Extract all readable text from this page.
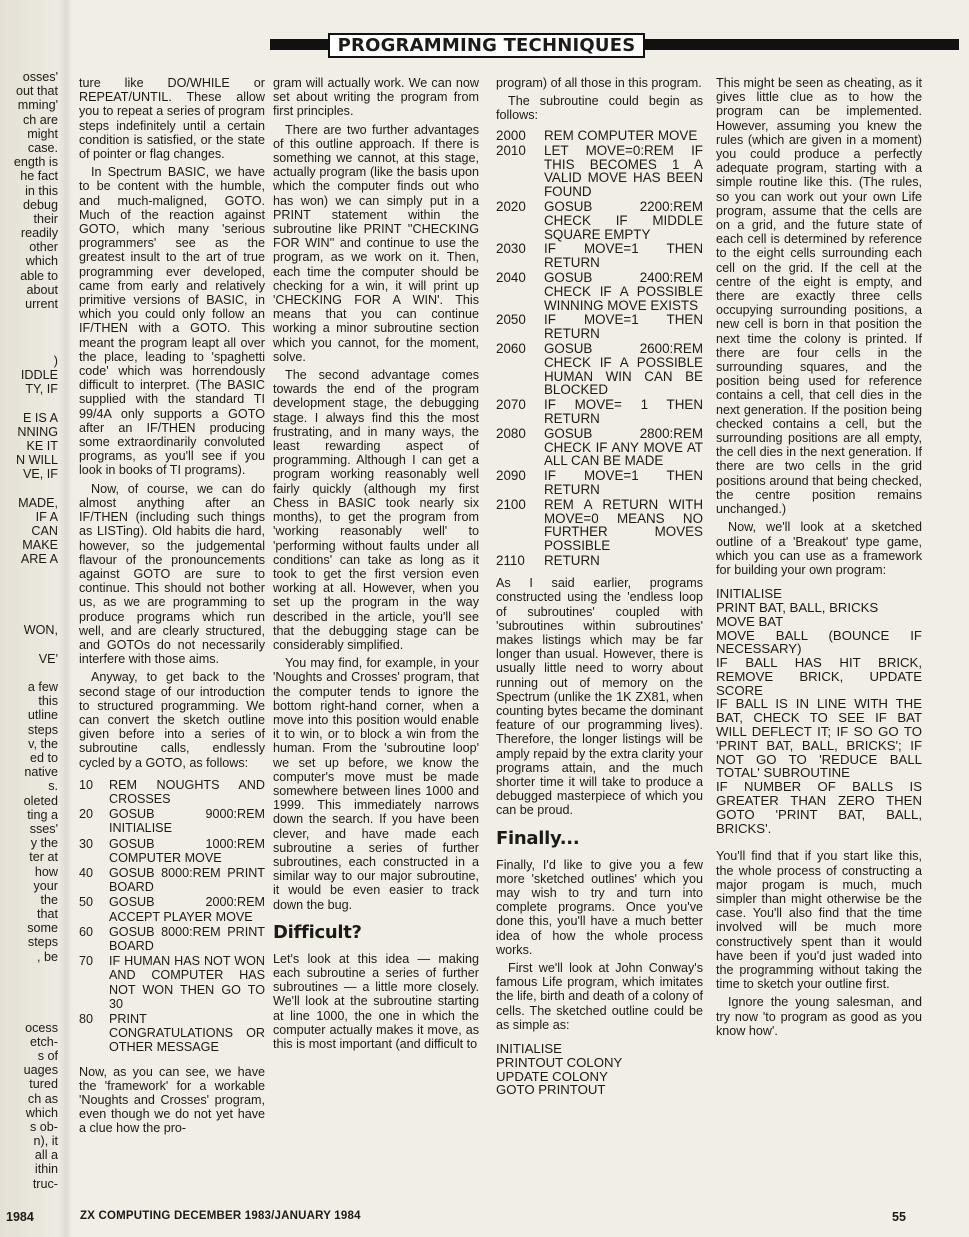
PROGRAMMING TECHNIQUES
osses'
out that
mming'
ch are
might
case.
ength is
he fact
in this
debug
their
readily
other
which
able to
about
urrent
)
IDDLE
TY, IF
E IS A
NNING
KE IT
N WILL
VE, IF
MADE,
IF A
CAN
MAKE
ARE A
WON,
VE'
a few
this
utline
steps
v, the
ed to
native
s.
oleted
ting a
sses'
y the
ter at
how
your
the
that
some
steps
, be
ocess
etch-
s of
uages
tured
ch as
which
s ob-
n), it
all a
ithin
truc-

ture like DO/WHILE or REPEAT/UNTIL. These allow you to repeat a series of program steps indefinitely until a certain condition is satisfied, or the state of pointer or flag changes.

In Spectrum BASIC, we have to be content with the humble, and much-maligned, GOTO. Much of the reaction against GOTO, which many 'serious programmers' see as the greatest insult to the art of true programming ever developed, came from early and relatively primitive versions of BASIC, in which you could only follow an IF/THEN with a GOTO. This meant the program leapt all over the place, leading to 'spaghetti code' which was horrendously difficult to interpret. (The BASIC supplied with the standard TI 99/4A only supports a GOTO after an IF/THEN producing some extraordinarily convoluted programs, as you'll see if you look in books of TI programs).

Now, of course, we can do almost anything after an IF/THEN (including such things as LISTing). Old habits die hard, however, so the judgemental flavour of the pronouncements against GOTO are sure to continue. This should not bother us, as we are programming to produce programs which run well, and are clearly structured, and GOTOs do not necessarily interfere with those aims.

Anyway, to get back to the second stage of our introduction to structured programming. We can convert the sketch outline given before into a series of subroutine calls, endlessly cycled by a GOTO, as follows:

10	REM NOUGHTS AND CROSSES
20	GOSUB 9000:REM INITIALISE
30	GOSUB 1000:REM COMPUTER MOVE
40	GOSUB 8000:REM PRINT BOARD
50	GOSUB 2000:REM ACCEPT PLAYER MOVE
60	GOSUB 8000:REM PRINT BOARD
70	IF HUMAN HAS NOT WON AND COMPUTER HAS NOT WON THEN GO TO 30
80	PRINT CONGRATULATIONS OR OTHER MESSAGE

Now, as you can see, we have the 'framework' for a workable 'Noughts and Crosses' program, even though we do not yet have a clue how the pro-

gram will actually work. We can now set about writing the program from first principles.

There are two further advantages of this outline approach. If there is something we cannot, at this stage, actually program (like the basis upon which the computer finds out who has won) we can simply put in a PRINT statement within the subroutine like PRINT ''CHECKING FOR WIN'' and continue to use the program, as we work on it. Then, each time the computer should be checking for a win, it will print up 'CHECKING FOR A WIN'. This means that you can continue working a minor subroutine section which you cannot, for the moment, solve.

The second advantage comes towards the end of the program development stage, the debugging stage. I always find this the most frustrating, and in many ways, the least rewarding aspect of programming. Although I can get a program working reasonably well fairly quickly (although my first Chess in BASIC took nearly six months), to get the program from 'working reasonably well' to 'performing without faults under all conditions' can take as long as it took to get the first version even working at all. However, when you set up the program in the way described in the article, you'll see that the debugging stage can be considerably simplified.

You may find, for example, in your 'Noughts and Crosses' program, that the computer tends to ignore the bottom right-hand corner, when a move into this position would enable it to win, or to block a win from the human. From the 'subroutine loop' we set up before, we know the computer's move must be made somewhere between lines 1000 and 1999. This immediately narrows down the search. If you have been clever, and have made each subroutine a series of further subroutines, each constructed in a similar way to our major subroutine, it would be even easier to track down the bug.

Difficult?

Let's look at this idea — making each subroutine a series of further subroutines — a little more closely. We'll look at the subroutine starting at line 1000, the one in which the computer actually makes it move, as this is most important (and difficult to

program) of all those in this program.

The subroutine could begin as follows:

2000	REM COMPUTER MOVE
2010	LET MOVE=0:REM IF THIS BECOMES 1 A VALID MOVE HAS BEEN FOUND
2020	GOSUB 2200:REM CHECK IF MIDDLE SQUARE EMPTY
2030	IF MOVE=1 THEN RETURN
2040	GOSUB 2400:REM CHECK IF A POSSIBLE WINNING MOVE EXISTS
2050	IF MOVE=1 THEN RETURN
2060	GOSUB 2600:REM CHECK IF A POSSIBLE HUMAN WIN CAN BE BLOCKED
2070	IF MOVE= 1 THEN RETURN
2080	GOSUB 2800:REM CHECK IF ANY MOVE AT ALL CAN BE MADE
2090	IF MOVE=1 THEN RETURN
2100	REM A RETURN WITH MOVE=0 MEANS NO FURTHER MOVES POSSIBLE
2110	RETURN

As I said earlier, programs constructed using the 'endless loop of subroutines' coupled with 'subroutines within subroutines' makes listings which may be far longer than usual. However, there is usually little need to worry about running out of memory on the Spectrum (unlike the 1K ZX81, when counting bytes became the dominant feature of our programming lives). Therefore, the longer listings will be amply repaid by the extra clarity your programs attain, and the much shorter time it will take to produce a debugged masterpiece of which you can be proud.

Finally...

Finally, I'd like to give you a few more 'sketched outlines' which you may wish to try and turn into complete programs. Once you've done this, you'll have a much better idea of how the whole process works.

First we'll look at John Conway's famous Life program, which imitates the life, birth and death of a colony of cells. The sketched outline could be as simple as:

INITIALISE
PRINTOUT COLONY
UPDATE COLONY
GOTO PRINTOUT

This might be seen as cheating, as it gives little clue as to how the program can be implemented. However, assuming you knew the rules (which are given in a moment) you could produce a perfectly adequate program, starting with a simple routine like this. (The rules, so you can work out your own Life program, assume that the cells are on a grid, and the future state of each cell is determined by reference to the eight cells surrounding each cell on the grid. If the cell at the centre of the eight is empty, and there are exactly three cells occupying surrounding positions, a new cell is born in that position the next time the colony is printed. If there are four cells in the surrounding squares, and the position being used for reference contains a cell, that cell dies in the next generation. If the position being checked contains a cell, but the surrounding positions are all empty, the cell dies in the next generation. If there are two cells in the grid positions around that being checked, the centre position remains unchanged.)

Now, we'll look at a sketched outline of a 'Breakout' type game, which you can use as a framework for building your own program:

INITIALISE
PRINT BAT, BALL, BRICKS
MOVE BAT
MOVE BALL (BOUNCE IF NECESSARY)
IF BALL HAS HIT BRICK, REMOVE BRICK, UPDATE SCORE
IF BALL IS IN LINE WITH THE BAT, CHECK TO SEE IF BAT WILL DEFLECT IT; IF SO GO TO 'PRINT BAT, BALL, BRICKS'; IF NOT GO TO 'REDUCE BALL TOTAL' SUBROUTINE
IF NUMBER OF BALLS IS GREATER THAN ZERO THEN GOTO 'PRINT BAT, BALL, BRICKS'.

You'll find that if you start like this, the whole process of constructing a major progam is much, much simpler than might otherwise be the case. You'll also find that the time involved will be much more constructively spent than it would have been if you'd just waded into the programming without taking the time to sketch your outline first.

Ignore the young salesman, and try now 'to program as good as you know how'.

1984	ZX COMPUTING DECEMBER 1983/JANUARY 1984	55
